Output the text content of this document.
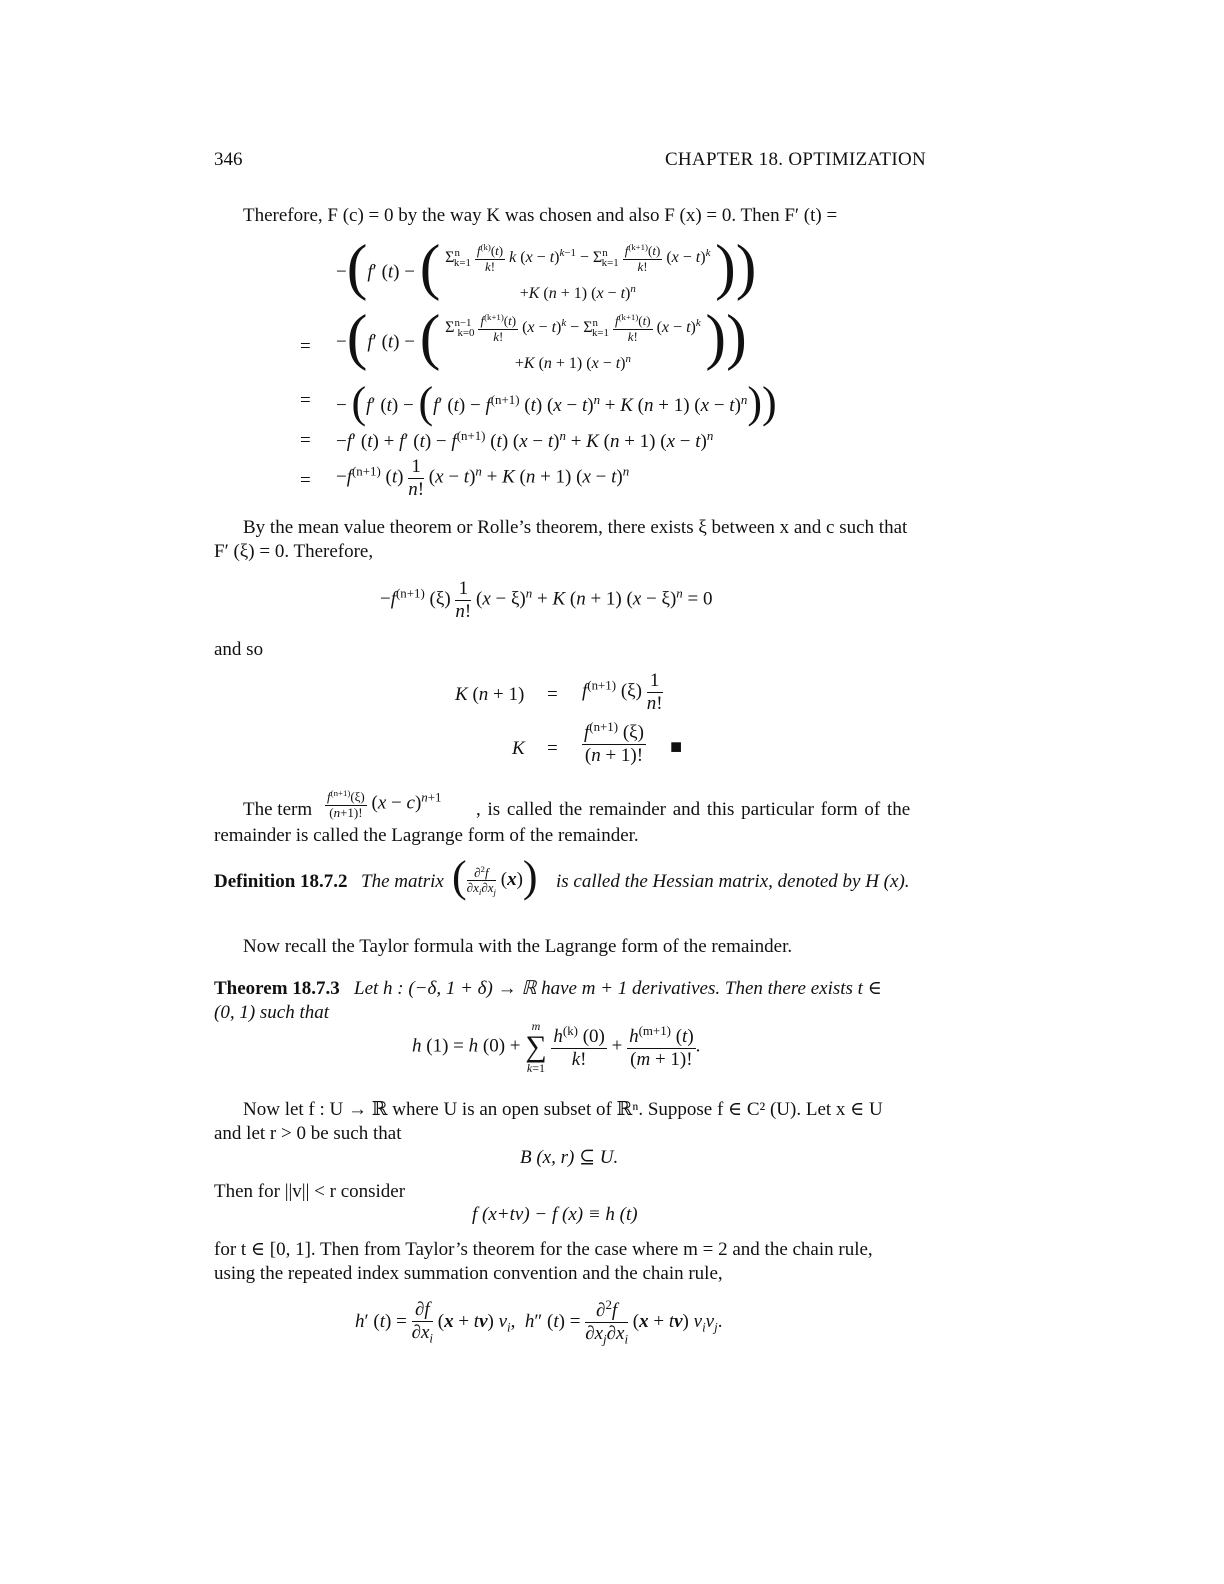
346	CHAPTER 18. OPTIMIZATION
Therefore, F (c) = 0 by the way K was chosen and also F (x) = 0. Then F′ (t) =
−(f′ (t) − ( $\Sigma^n_{k=1} \frac{f^{(k)}(t)}{k!}$ k $(x - t)^{k-1} - \Sigma^n_{k=1} \frac{f^{(k+1)}(t)}{k!} (x - t)^k$
+K (n + 1) $(x - t)^n$	))
= −(f′ (t) − ( $\Sigma^{n-1}_{k=0} \frac{f^{(k+1)}(t)}{k!} (x - t)^k - \Sigma^n_{k=1} \frac{f^{(k+1)}(t)}{k!} (x - t)^k$
+K (n + 1) $(x - t)^n$	))
= − (f′ (t) − (f′ $(t) - f^{(n+1)}$ (t) $(x - t)^n + K$ (n + 1) $(x - t)^n$))
= −f′ (t) + f′ $(t) - f^{(n+1)}$ (t) $(x - t)^n + K$ (n + 1) $(x - t)^n$
= $-f^{(n+1)}$ $(t) \frac{1}{n!} (x - t)^n + K$ (n + 1) $(x - t)^n$
By the mean value theorem or Rolle’s theorem, there exists ξ between x and c such that
F′ (ξ) = 0. Therefore,
$-f^{(n+1)}$ $(\xi) \frac{1}{n!} (x - \xi)^n + K$ (n + 1) $(x - \xi)^n = 0$
and so
K $(n + 1) = f^{(n+1)}$ $(\xi) \frac{1}{n!}$
$K = \frac{f^{(n+1)} (\xi)}{(n + 1)!}$ ■
The term $\frac{f^{(n+1)}(\xi)}{(n+1)!} (x - c)^{n+1}$
, is called the remainder and this particular form of the
remainder is called the Lagrange form of the remainder.
Definition 18.7.2 The matrix ( $\frac{\partial^2f}{\partial x_i\partial x_j} (x)$) is called the Hessian matrix, denoted by H (x).
Now recall the Taylor formula with the Lagrange form of the remainder.
Theorem 18.7.3 Let h : (−δ, 1 + δ) → ℝ have m + 1 derivatives. Then there exists t ∈
(0, 1) such that
h (1) = h (0) +
m
∑
k=1
$\frac{h^{(k)} (0)}{k!} + \frac{h^{(m+1)} (t)}{(m + 1)!}$ .
Now let f : U → ℝ where U is an open subset of ℝⁿ. Suppose f ∈ C² (U). Let x ∈ U
and let r > 0 be such that
B (x, r) ⊆ U.
Then for ||v|| < r consider
f (x+tv) − f (x) ≡ h (t)
for t ∈ [0, 1]. Then from Taylor’s theorem for the case where m = 2 and the chain rule,
using the repeated index summation convention and the chain rule,
h′ $(t) = \frac{\partial f}{\partial x_i} (x + tv)$ $v_i$,  h″ $(t) = \frac{\partial^2f}{\partial x_j\partial x_i} (x + tv)$ $v_iv_j$.
